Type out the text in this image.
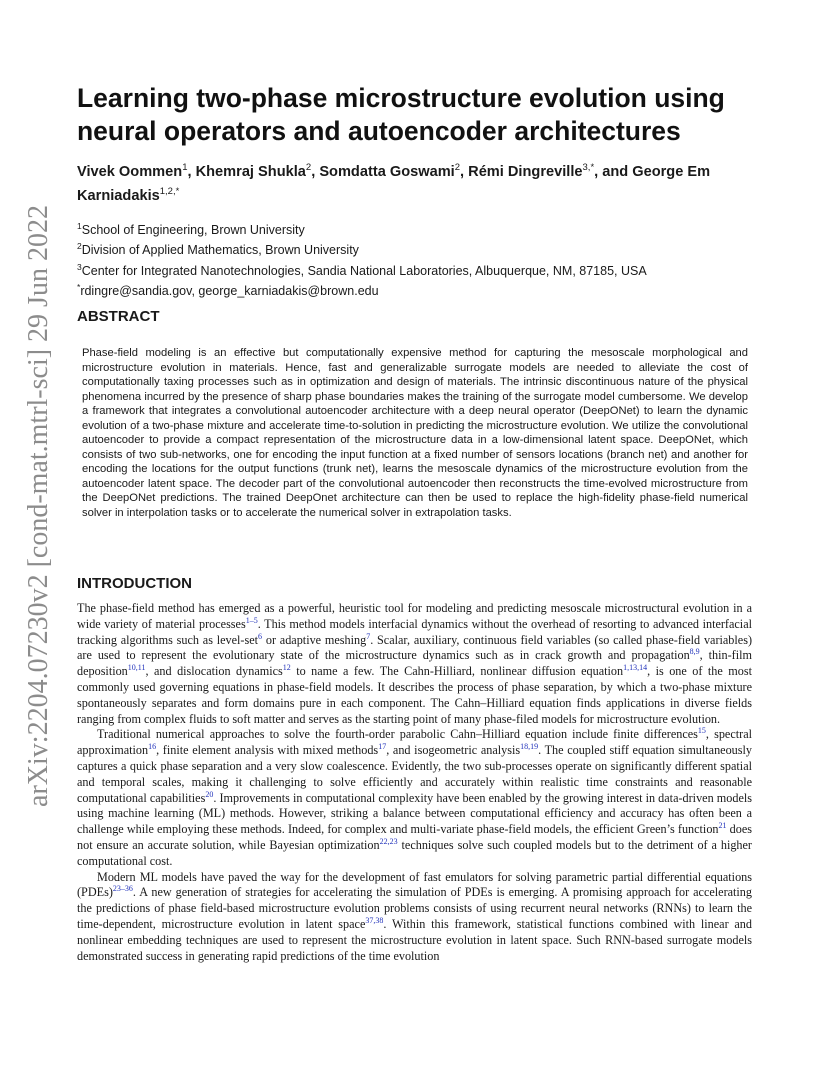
arXiv:2204.07230v2 [cond-mat.mtrl-sci] 29 Jun 2022
Learning two-phase microstructure evolution using neural operators and autoencoder architectures
Vivek Oommen$^1$, Khemraj Shukla$^2$, Somdatta Goswami$^2$, Rémi Dingreville$^{3,*}$, and George Em Karniadakis$^{1,2,*}$
$^1$School of Engineering, Brown University
$^2$Division of Applied Mathematics, Brown University
$^3$Center for Integrated Nanotechnologies, Sandia National Laboratories, Albuquerque, NM, 87185, USA
*rdingre@sandia.gov, george_karniadakis@brown.edu
ABSTRACT
Phase-field modeling is an effective but computationally expensive method for capturing the mesoscale morphological and microstructure evolution in materials. Hence, fast and generalizable surrogate models are needed to alleviate the cost of computationally taxing processes such as in optimization and design of materials. The intrinsic discontinuous nature of the physical phenomena incurred by the presence of sharp phase boundaries makes the training of the surrogate model cumbersome. We develop a framework that integrates a convolutional autoencoder architecture with a deep neural operator (DeepONet) to learn the dynamic evolution of a two-phase mixture and accelerate time-to-solution in predicting the microstructure evolution. We utilize the convolutional autoencoder to provide a compact representation of the microstructure data in a low-dimensional latent space. DeepONet, which consists of two sub-networks, one for encoding the input function at a fixed number of sensors locations (branch net) and another for encoding the locations for the output functions (trunk net), learns the mesoscale dynamics of the microstructure evolution from the autoencoder latent space. The decoder part of the convolutional autoencoder then reconstructs the time-evolved microstructure from the DeepONet predictions. The trained DeepOnet architecture can then be used to replace the high-fidelity phase-field numerical solver in interpolation tasks or to accelerate the numerical solver in extrapolation tasks.
INTRODUCTION

The phase-field method has emerged as a powerful, heuristic tool for modeling and predicting mesoscale microstructural evolution in a wide variety of material processes$^{1-5}$. This method models interfacial dynamics without the overhead of resorting to advanced interfacial tracking algorithms such as level-set$^6$ or adaptive meshing$^7$. Scalar, auxiliary, continuous field variables (so called phase-field variables) are used to represent the evolutionary state of the microstructure dynamics such as in crack growth and propagation$^{8,9}$, thin-film deposition$^{10,11}$, and dislocation dynamics$^{12}$ to name a few. The Cahn-Hilliard, nonlinear diffusion equation$^{1,13,14}$, is one of the most commonly used governing equations in phase-field models. It describes the process of phase separation, by which a two-phase mixture spontaneously separates and form domains pure in each component. The Cahn–Hilliard equation finds applications in diverse fields ranging from complex fluids to soft matter and serves as the starting point of many phase-filed models for microstructure evolution.

Traditional numerical approaches to solve the fourth-order parabolic Cahn–Hilliard equation include finite differences$^{15}$, spectral approximation$^{16}$, finite element analysis with mixed methods$^{17}$, and isogeometric analysis$^{18,19}$. The coupled stiff equation simultaneously captures a quick phase separation and a very slow coalescence. Evidently, the two sub-processes operate on significantly different spatial and temporal scales, making it challenging to solve efficiently and accurately within realistic time constraints and reasonable computational capabilities$^{20}$. Improvements in computational complexity have been enabled by the growing interest in data-driven models using machine learning (ML) methods. However, striking a balance between computational efficiency and accuracy has often been a challenge while employing these methods. Indeed, for complex and multi-variate phase-field models, the efficient Green’s function$^{21}$ does not ensure an accurate solution, while Bayesian optimization$^{22,23}$ techniques solve such coupled models but to the detriment of a higher computational cost.

Modern ML models have paved the way for the development of fast emulators for solving parametric partial differential equations (PDEs)$^{23-36}$. A new generation of strategies for accelerating the simulation of PDEs is emerging. A promising approach for accelerating the predictions of phase field-based microstructure evolution problems consists of using recurrent neural networks (RNNs) to learn the time-dependent, microstructure evolution in latent space$^{37,38}$. Within this framework, statistical functions combined with linear and nonlinear embedding techniques are used to represent the microstructure evolution in latent space. Such RNN-based surrogate models demonstrated success in generating rapid predictions of the time evolution
